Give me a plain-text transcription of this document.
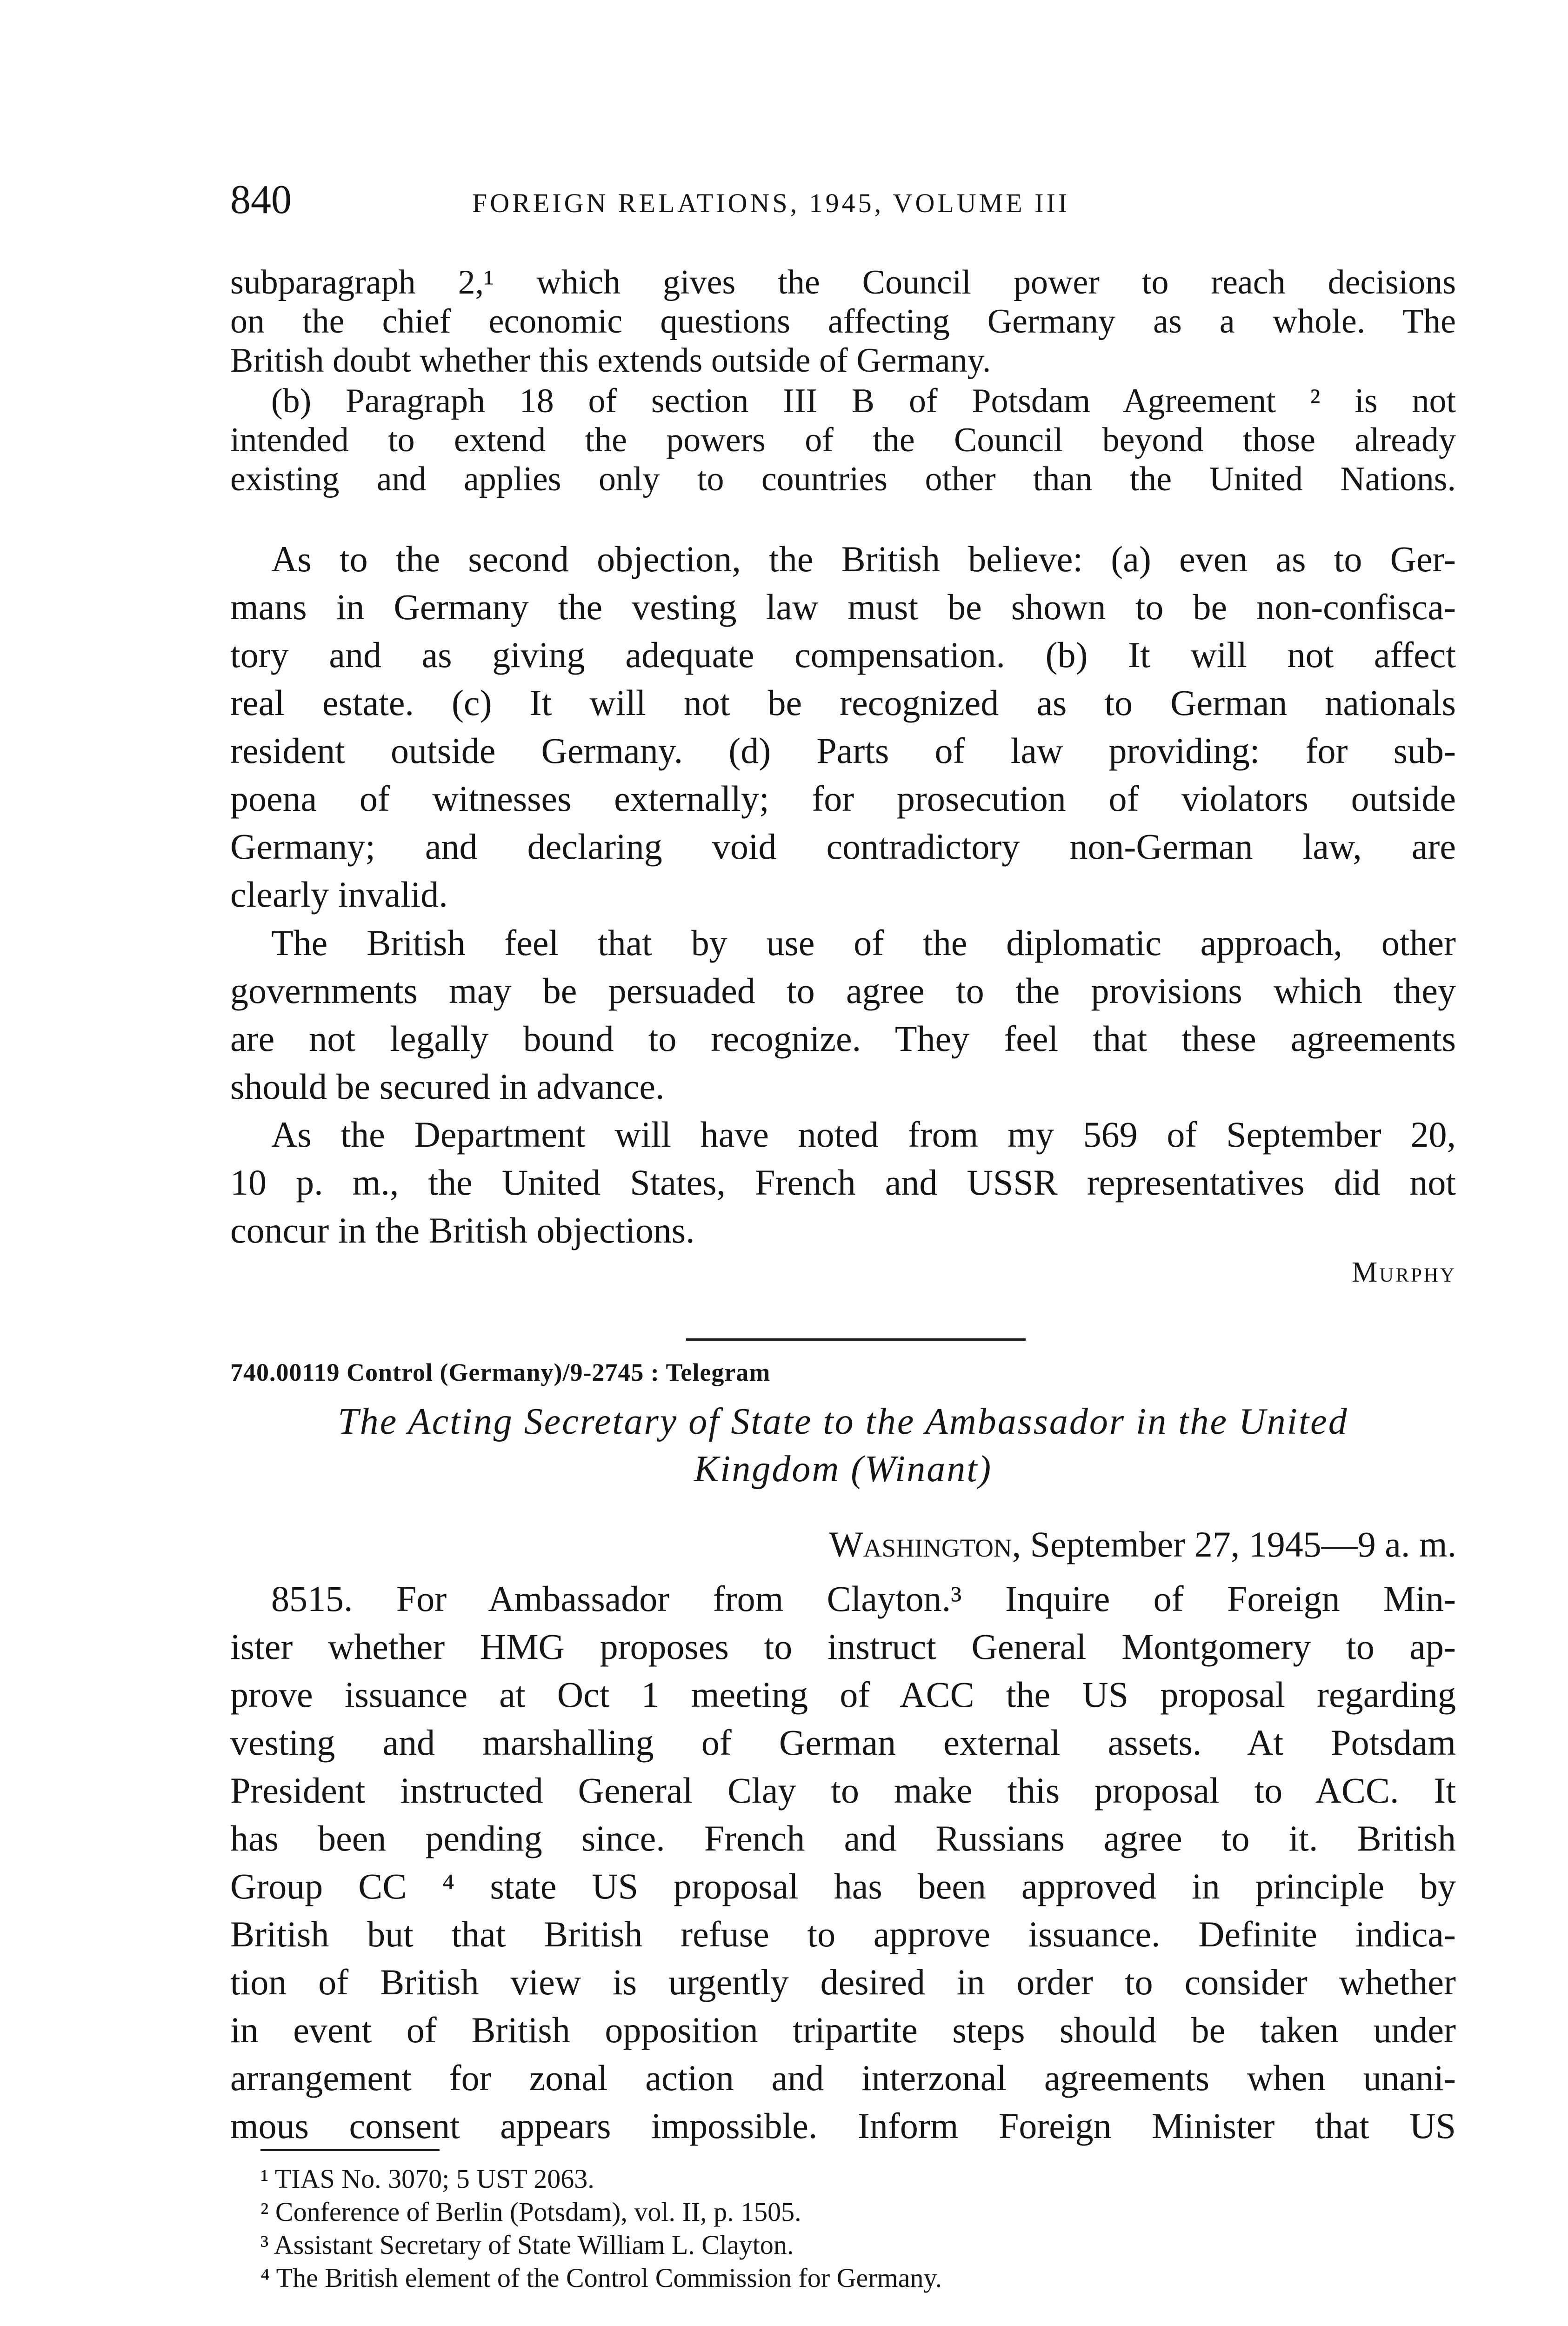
840	FOREIGN RELATIONS, 1945, VOLUME III

subparagraph 2,¹ which gives the Council power to reach decisions
on the chief economic questions affecting Germany as a whole. The
British doubt whether this extends outside of Germany.

(b) Paragraph 18 of section III B of Potsdam Agreement ² is not
intended to extend the powers of the Council beyond those already
existing and applies only to countries other than the United Nations.

As to the second objection, the British believe: (a) even as to Ger-
mans in Germany the vesting law must be shown to be non-confisca-
tory and as giving adequate compensation. (b) It will not affect
real estate. (c) It will not be recognized as to German nationals
resident outside Germany. (d) Parts of law providing: for sub-
poena of witnesses externally; for prosecution of violators outside
Germany; and declaring void contradictory non-German law, are
clearly invalid.

The British feel that by use of the diplomatic approach, other
governments may be persuaded to agree to the provisions which they
are not legally bound to recognize. They feel that these agreements
should be secured in advance.

As the Department will have noted from my 569 of September 20,
10 p. m., the United States, French and USSR representatives did not
concur in the British objections.

Murphy
740.00119 Control (Germany)/9-2745 : Telegram
The Acting Secretary of State to the Ambassador in the United
Kingdom (Winant)
Washington, September 27, 1945—9 a. m.

8515. For Ambassador from Clayton.³ Inquire of Foreign Min-
ister whether HMG proposes to instruct General Montgomery to ap-
prove issuance at Oct 1 meeting of ACC the US proposal regarding
vesting and marshalling of German external assets. At Potsdam
President instructed General Clay to make this proposal to ACC. It
has been pending since. French and Russians agree to it. British
Group CC ⁴ state US proposal has been approved in principle by
British but that British refuse to approve issuance. Definite indica-
tion of British view is urgently desired in order to consider whether
in event of British opposition tripartite steps should be taken under
arrangement for zonal action and interzonal agreements when unani-
mous consent appears impossible. Inform Foreign Minister that US

¹ TIAS No. 3070; 5 UST 2063.
² Conference of Berlin (Potsdam), vol. II, p. 1505.
³ Assistant Secretary of State William L. Clayton.
⁴ The British element of the Control Commission for Germany.
